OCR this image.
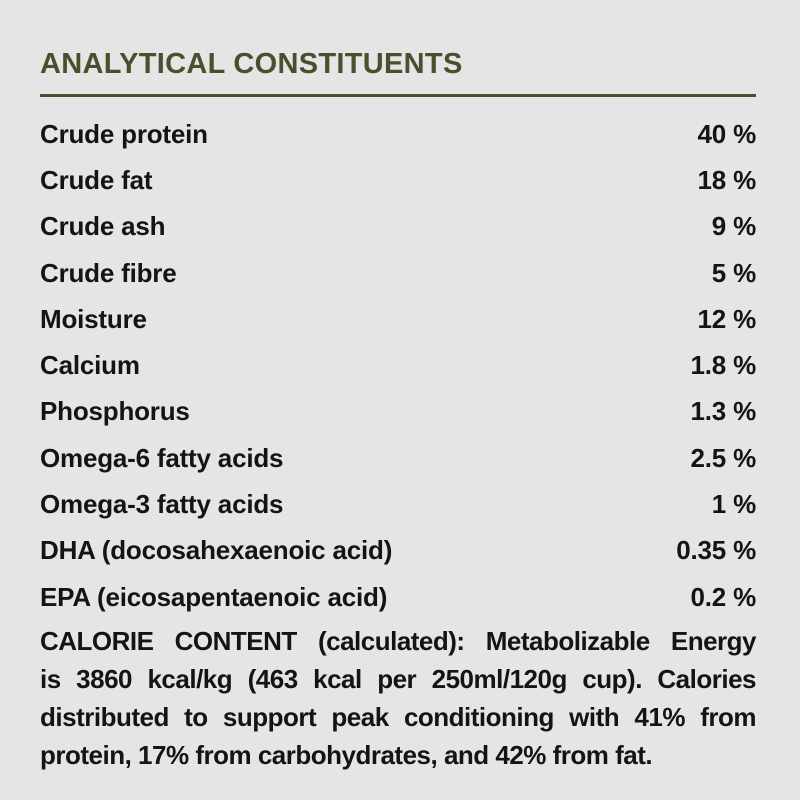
ANALYTICAL CONSTITUENTS
Crude protein	40 %
Crude fat	18 %
Crude ash	9 %
Crude fibre	5 %
Moisture	12 %
Calcium	1.8 %
Phosphorus	1.3 %
Omega-6 fatty acids	2.5 %
Omega-3 fatty acids	1 %
DHA (docosahexaenoic acid)	0.35 %
EPA (eicosapentaenoic acid)	0.2 %
CALORIE CONTENT (calculated): Metabolizable Energy
is 3860 kcal/kg (463 kcal per 250ml/120g cup). Calories
distributed to support peak conditioning with 41% from
protein, 17% from carbohydrates, and 42% from fat.
